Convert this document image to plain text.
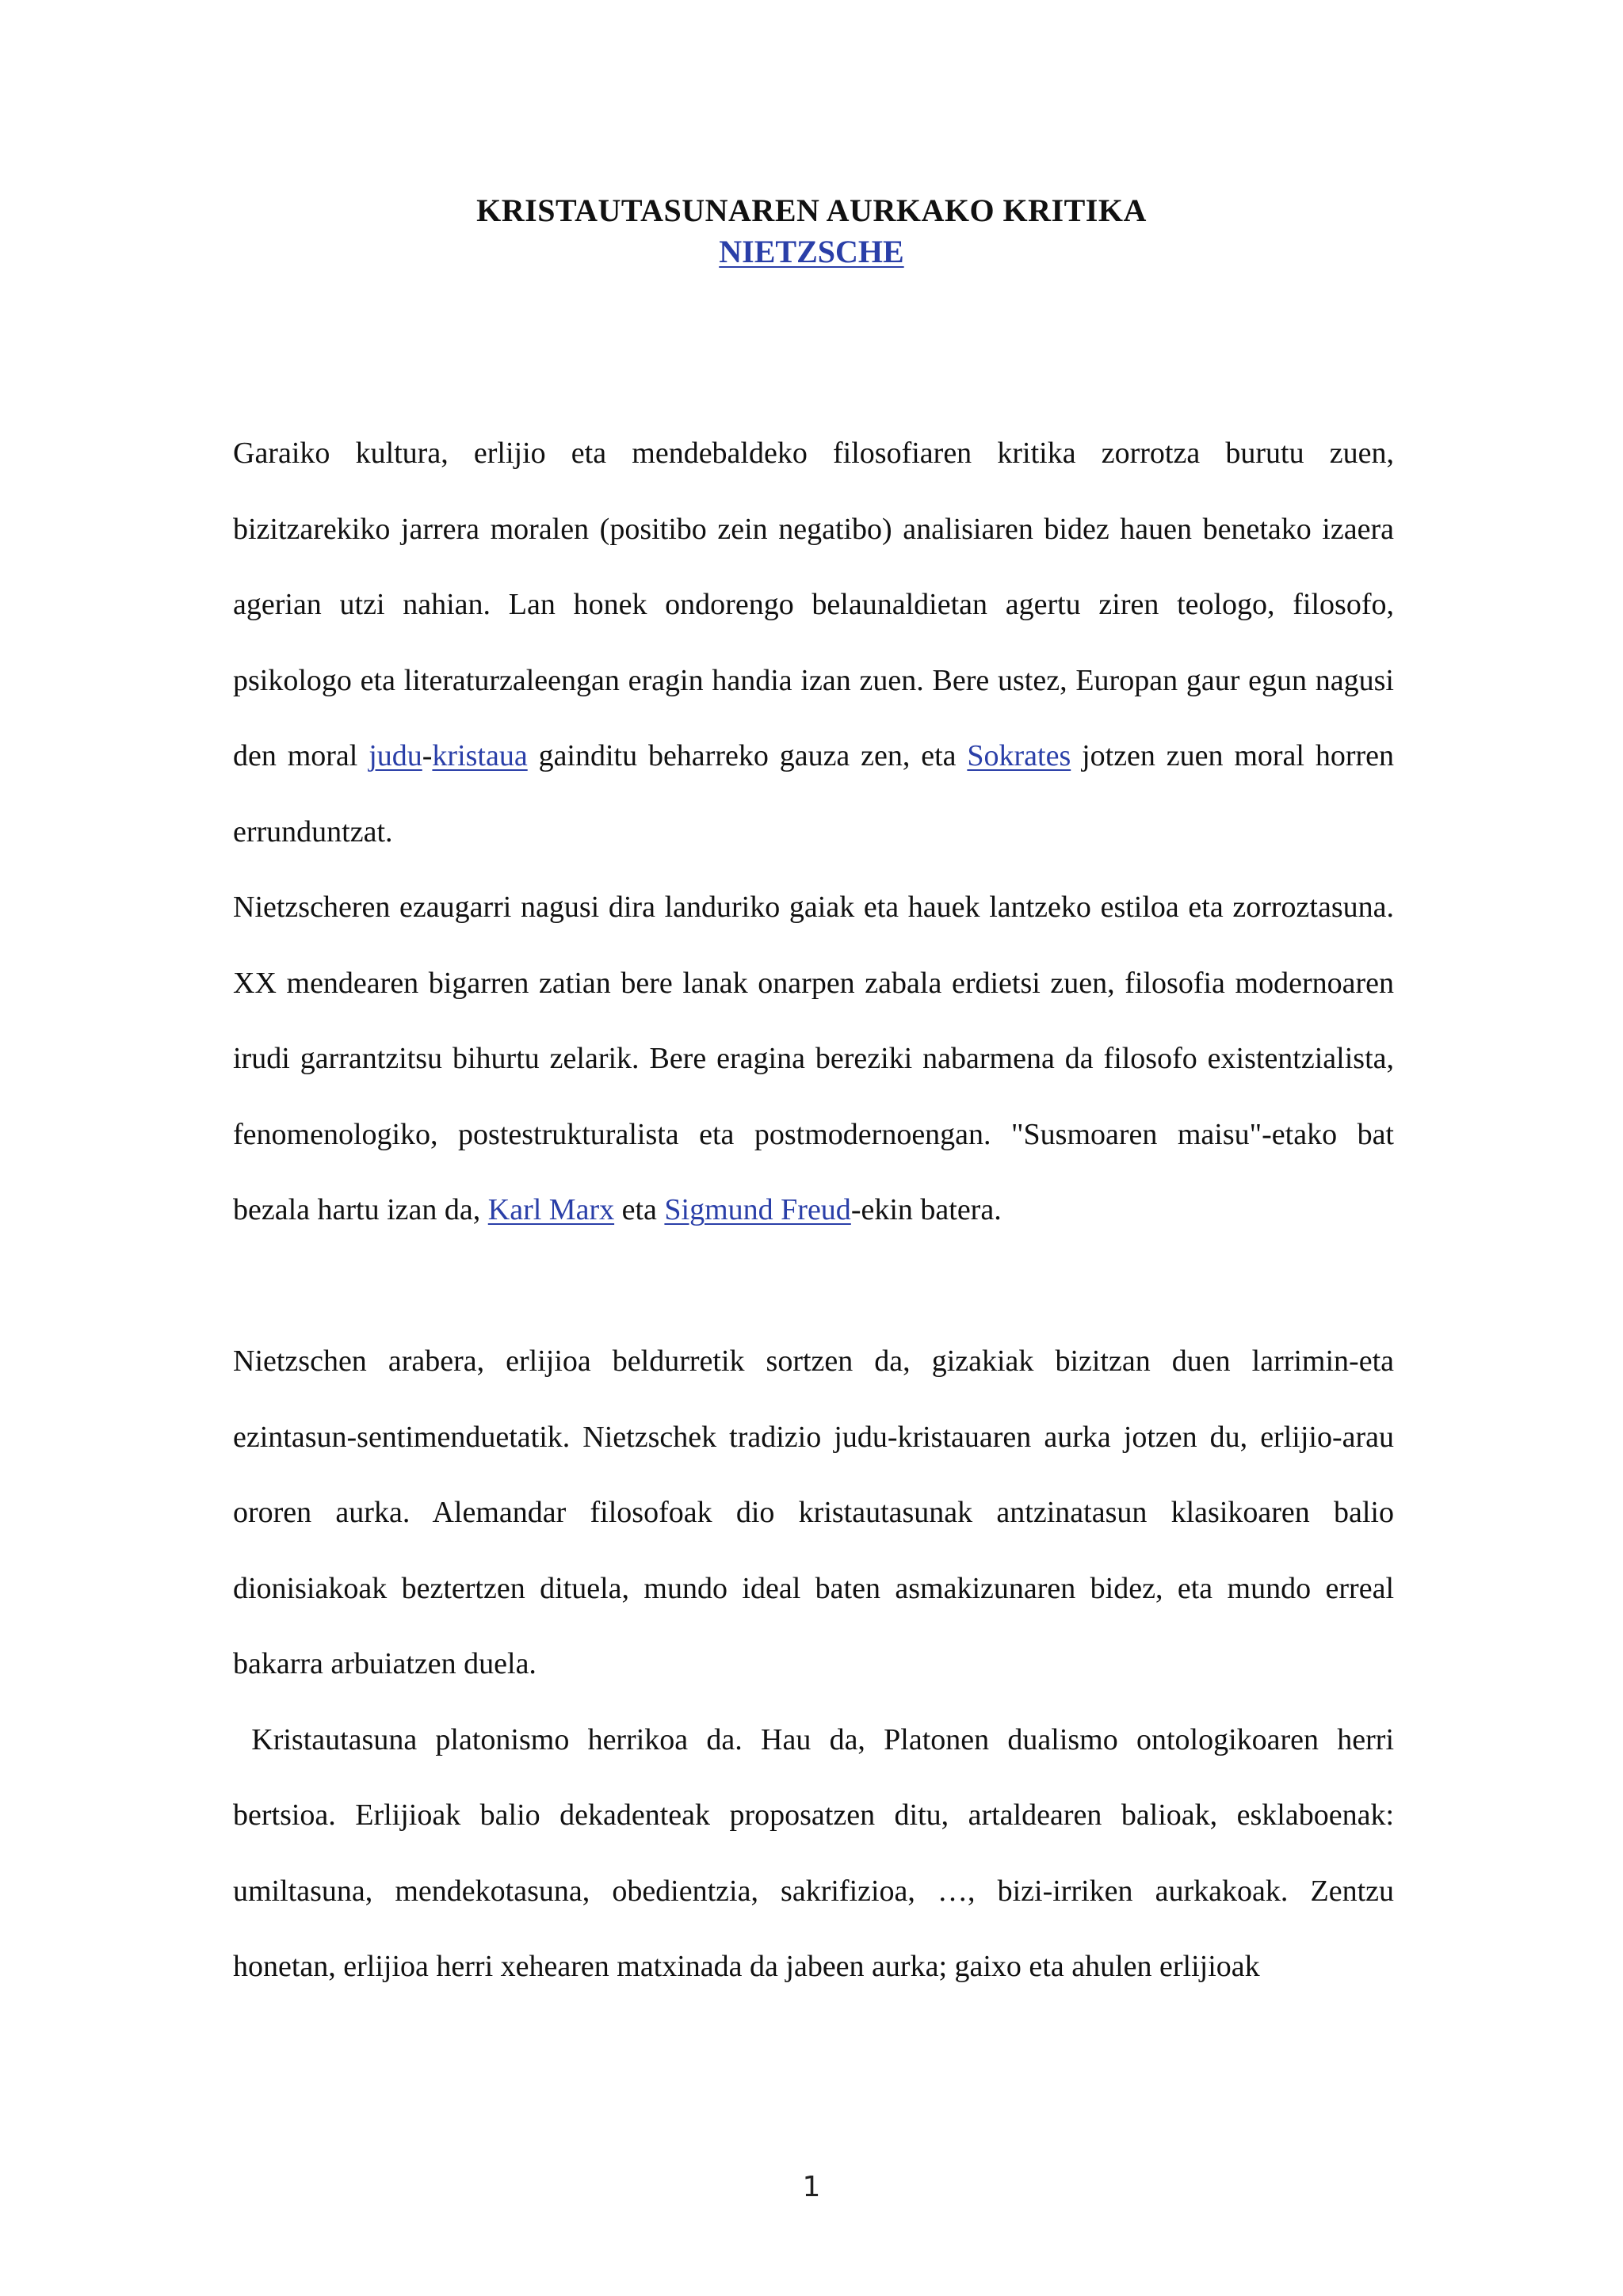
KRISTAUTASUNAREN AURKAKO KRITIKA
NIETZSCHE

Garaiko kultura, erlijio eta mendebaldeko filosofiaren kritika zorrotza burutu zuen, bizitzarekiko jarrera moralen (positibo zein negatibo) analisiaren bidez hauen benetako izaera agerian utzi nahian. Lan honek ondorengo belaunaldietan agertu ziren teologo, filosofo, psikologo eta literaturzaleengan eragin handia izan zuen. Bere ustez, Europan gaur egun nagusi den moral judu-kristaua gainditu beharreko gauza zen, eta Sokrates jotzen zuen moral horren errunduntzat.

Nietzscheren ezaugarri nagusi dira landuriko gaiak eta hauek lantzeko estiloa eta zorroztasuna. XX mendearen bigarren zatian bere lanak onarpen zabala erdietsi zuen, filosofia modernoaren irudi garrantzitsu bihurtu zelarik. Bere eragina bereziki nabarmena da filosofo existentzialista, fenomenologiko, postestrukturalista eta postmodernoengan. "Susmoaren maisu"-etako bat bezala hartu izan da, Karl Marx eta Sigmund Freud-ekin batera.

Nietzschen arabera, erlijioa beldurretik sortzen da, gizakiak bizitzan duen larrimin-eta ezintasun-sentimenduetatik. Nietzschek tradizio judu-kristauaren aurka jotzen du, erlijio-arau ororen aurka. Alemandar filosofoak dio kristautasunak antzinatasun klasikoaren balio dionisiakoak beztertzen dituela, mundo ideal baten asmakizunaren bidez, eta mundo erreal bakarra arbuiatzen duela.

Kristautasuna platonismo herrikoa da. Hau da, Platonen dualismo ontologikoaren herri bertsioa. Erlijioak balio dekadenteak proposatzen ditu, artaldearen balioak, esklaboenak: umiltasuna, mendekotasuna, obedientzia, sakrifizioa, …, bizi-irriken aurkakoak. Zentzu honetan, erlijioa herri xehearen matxinada da jabeen aurka; gaixo eta ahulen erlijioak

1
